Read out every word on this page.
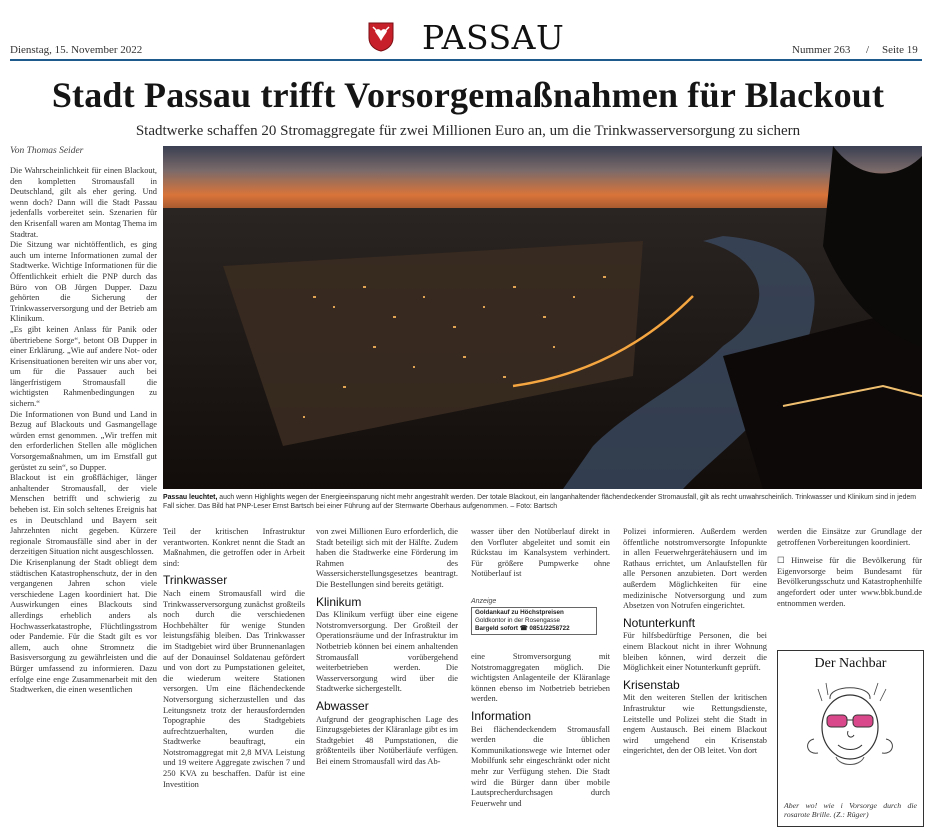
PASSAU
Dienstag, 15. November 2022	Nummer 263 / Seite 19
Stadt Passau trifft Vorsorgemaßnahmen für Blackout
Stadtwerke schaffen 20 Stromaggregate für zwei Millionen Euro an, um die Trinkwasserversorgung zu sichern
Von Thomas Seider

Die Wahrscheinlichkeit für einen Blackout, den kompletten Stromausfall in Deutschland, gilt als eher gering. Und wenn doch? Dann will die Stadt Passau jedenfalls vorbereitet sein. Szenarien für den Krisenfall waren am Montag Thema im Stadtrat.

Die Sitzung war nichtöffentlich, es ging auch um interne Informationen zumal der Stadtwerke. Wichtige Informationen für die Öffentlichkeit erhielt die PNP durch das Büro von OB Jürgen Dupper. Dazu gehörten die Sicherung der Trinkwasserversorgung und der Betrieb am Klinikum.

„Es gibt keinen Anlass für Panik oder übertriebene Sorge“, betont OB Dupper in einer Erklärung. „Wie auf andere Not- oder Krisensituationen bereiten wir uns aber vor, um für die Passauer auch bei längerfristigem Stromausfall die wichtigsten Rahmenbedingungen zu sichern.“

Die Informationen von Bund und Land in Bezug auf Blackouts und Gasmangellage würden ernst genommen. „Wir treffen mit den erforderlichen Stellen alle möglichen Vorsorgemaßnahmen, um im Ernstfall gut gerüstet zu sein“, so Dupper.

Blackout ist ein großflächiger, länger anhaltender Stromausfall, der viele Menschen betrifft und schwierig zu beheben ist. Ein solch seltenes Ereignis hat es in Deutschland und Bayern seit Jahrzehnten nicht gegeben. Kürzere regionale Stromausfälle sind aber in der derzeitigen Situation nicht ausgeschlossen.

Die Krisenplanung der Stadt obliegt dem städtischen Katastrophenschutz, der in den vergangenen Jahren schon viele verschiedene Lagen koordiniert hat. Die Auswirkungen eines Blackouts sind allerdings erheblich anders als Hochwasserkatastrophe, Flüchtlingsstrom oder Pandemie. Für die Stadt gilt es vor allem, auch ohne Stromnetz die Basisversorgung zu gewährleisten und die Bürger umfassend zu informieren. Dazu erfolge eine enge Zusammenarbeit mit den Stadtwerken, die einen wesentlichen

Passau leuchtet, auch wenn Highlights wegen der Energieeinsparung nicht mehr angestrahlt werden. Der totale Blackout, ein langanhaltender flächendeckender Stromausfall, gilt als recht unwahrscheinlich. Trinkwasser und Klinikum sind in jedem Fall sicher. Das Bild hat PNP-Leser Ernst Bartsch bei einer Führung auf der Sternwarte Oberhaus aufgenommen. – Foto: Bartsch

Teil der kritischen Infrastruktur verantworten. Konkret nennt die Stadt an Maßnahmen, die getroffen oder in Arbeit sind:

Trinkwasser

Nach einem Stromausfall wird die Trinkwasserversorgung zunächst großteils noch durch die verschiedenen Hochbehälter für wenige Stunden leistungsfähig bleiben. Das Trinkwasser im Stadtgebiet wird über Brunnenanlagen auf der Donauinsel Soldatenau gefördert und von dort zu Pumpstationen geleitet, die wiederum weitere Stationen versorgen. Um eine flächendeckende Notversorgung sicherzustellen und das Leitungsnetz trotz der herausfordernden Topographie des Stadtgebiets aufrechtzuerhalten, wurden die Stadtwerke beauftragt, ein Notstromaggregat mit 2,8 MVA Leistung und 19 weitere Aggregate zwischen 7 und 250 KVA zu beschaffen. Dafür ist eine Investition

von zwei Millionen Euro erforderlich, die Stadt beteiligt sich mit der Hälfte. Zudem haben die Stadtwerke eine Förderung im Rahmen des Wassersicherstellungsgesetzes beantragt. Die Bestellungen sind bereits getätigt.

Klinikum

Das Klinikum verfügt über eine eigene Notstromversorgung. Der Großteil der Operationsräume und der Infrastruktur im Notbetrieb können bei einem anhaltenden Stromausfall vorübergehend weiterbetrieben werden. Die Wasserversorgung wird über die Stadtwerke sichergestellt.

Abwasser

Aufgrund der geographischen Lage des Einzugsgebietes der Kläranlage gibt es im Stadtgebiet 48 Pumpstationen, die größtenteils über Notüberläufe verfügen. Bei einem Stromausfall wird das Ab-

wasser über den Notüberlauf direkt in den Vorfluter abgeleitet und somit ein Rückstau im Kanalsystem verhindert. Für größere Pumpwerke ohne Notüberlauf ist

Anzeige
Goldankauf zu Höchstpreisen
Goldkontor in der Rosengasse
Bargeld sofort ☎ 0851/2258722

eine Stromversorgung mit Notstromaggregaten möglich. Die wichtigsten Anlagenteile der Kläranlage können ebenso im Notbetrieb betrieben werden.

Information

Bei flächendeckendem Stromausfall werden die üblichen Kommunikationswege wie Internet oder Mobilfunk sehr eingeschränkt oder nicht mehr zur Verfügung stehen. Die Stadt wird die Bürger dann über mobile Lautsprecherdurchsagen durch Feuerwehr und

Polizei informieren. Außerdem werden öffentliche notstromversorgte Infopunkte in allen Feuerwehrgerätehäusern und im Rathaus errichtet, um Anlaufstellen für alle Personen anzubieten. Dort werden außerdem Möglichkeiten für eine medizinische Notversorgung und zum Absetzen von Notrufen eingerichtet.

Notunterkunft

Für hilfsbedürftige Personen, die bei einem Blackout nicht in ihrer Wohnung bleiben können, wird derzeit die Möglichkeit einer Notunterkunft geprüft.

Krisenstab

Mit den weiteren Stellen der kritischen Infrastruktur wie Rettungsdienste, Leitstelle und Polizei steht die Stadt in engem Austausch. Bei einem Blackout wird umgehend ein Krisenstab eingerichtet, den der OB leitet. Von dort

werden die Einsätze zur Grundlage der getroffenen Vorbereitungen koordiniert.

☐ Hinweise für die Bevölkerung für Eigenvorsorge beim Bundesamt für Bevölkerungsschutz und Katastrophenhilfe angefordert oder unter www.bbk.bund.de entnommen werden.

Der Nachbar
Aber wo! wie i Vorsorge durch die rosarote Brille. (Z.: Rüger)
